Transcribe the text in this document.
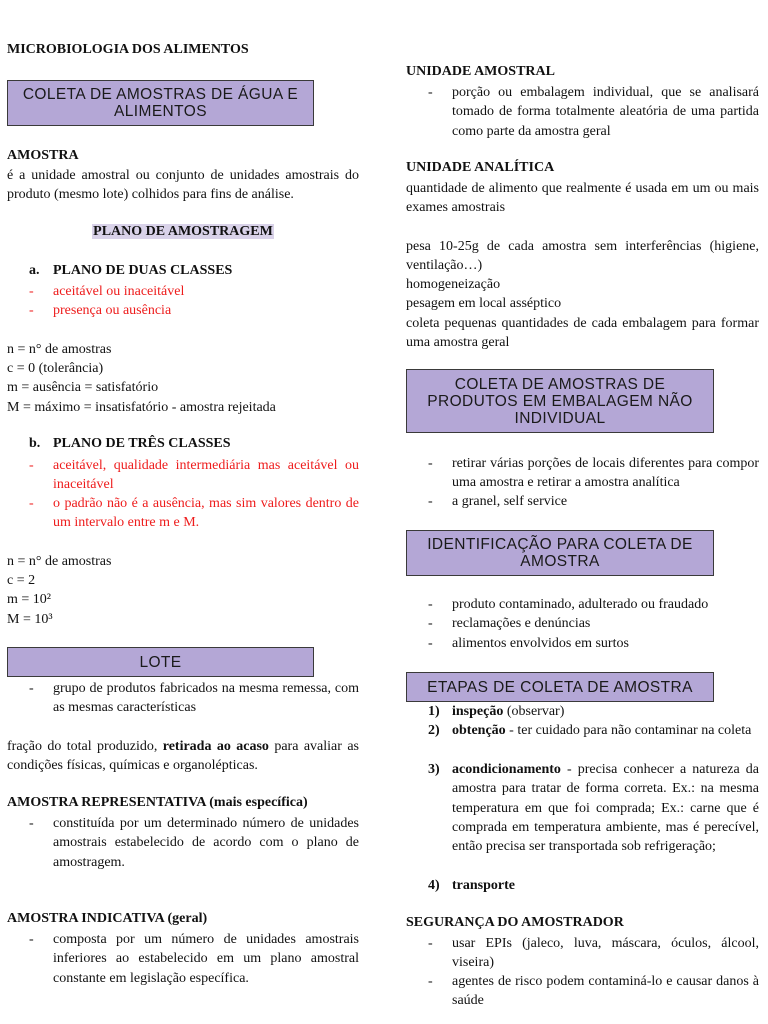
MICROBIOLOGIA DOS ALIMENTOS
COLETA DE AMOSTRAS DE ÁGUA E ALIMENTOS
AMOSTRA
é a unidade amostral ou conjunto de unidades amostrais do produto (mesmo lote) colhidos para fins de análise.
PLANO DE AMOSTRAGEM
a. PLANO DE DUAS CLASSES
- aceitável ou inaceitável
- presença ou ausência
n = n° de amostras
c = 0 (tolerância)
m = ausência = satisfatório
M = máximo = insatisfatório - amostra rejeitada
b. PLANO DE TRÊS CLASSES
- aceitável, qualidade intermediária mas aceitável ou inaceitável
- o padrão não é a ausência, mas sim valores dentro de um intervalo entre m e M.
n = n° de amostras
c = 2
m = 10²
M = 10³
LOTE
- grupo de produtos fabricados na mesma remessa, com as mesmas características
fração do total produzido, retirada ao acaso para avaliar as condições físicas, químicas e organolépticas.
AMOSTRA REPRESENTATIVA (mais específica)
- constituída por um determinado número de unidades amostrais estabelecido de acordo com o plano de amostragem.
AMOSTRA INDICATIVA (geral)
- composta por um número de unidades amostrais inferiores ao estabelecido em um plano amostral constante em legislação específica.
UNIDADE AMOSTRAL
- porção ou embalagem individual, que se analisará tomado de forma totalmente aleatória de uma partida como parte da amostra geral
UNIDADE ANALÍTICA
quantidade de alimento que realmente é usada em um ou mais exames amostrais
pesa 10-25g de cada amostra sem interferências (higiene, ventilação…)
homogeneização
pesagem em local asséptico
coleta pequenas quantidades de cada embalagem para formar uma amostra geral
COLETA DE AMOSTRAS DE PRODUTOS EM EMBALAGEM NÃO INDIVIDUAL
- retirar várias porções de locais diferentes para compor uma amostra e retirar a amostra analítica
- a granel, self service
IDENTIFICAÇÃO PARA COLETA DE AMOSTRA
- produto contaminado, adulterado ou fraudado
- reclamações e denúncias
- alimentos envolvidos em surtos
ETAPAS DE COLETA DE AMOSTRA
1) inspeção (observar)
2) obtenção - ter cuidado para não contaminar na coleta
3) acondicionamento - precisa conhecer a natureza da amostra para tratar de forma correta. Ex.: na mesma temperatura em que foi comprada; Ex.: carne que é comprada em temperatura ambiente, mas é perecível, então precisa ser transportada sob refrigeração;
4) transporte
SEGURANÇA DO AMOSTRADOR
- usar EPIs (jaleco, luva, máscara, óculos, álcool, viseira)
- agentes de risco podem contaminá-lo e causar danos à saúde
